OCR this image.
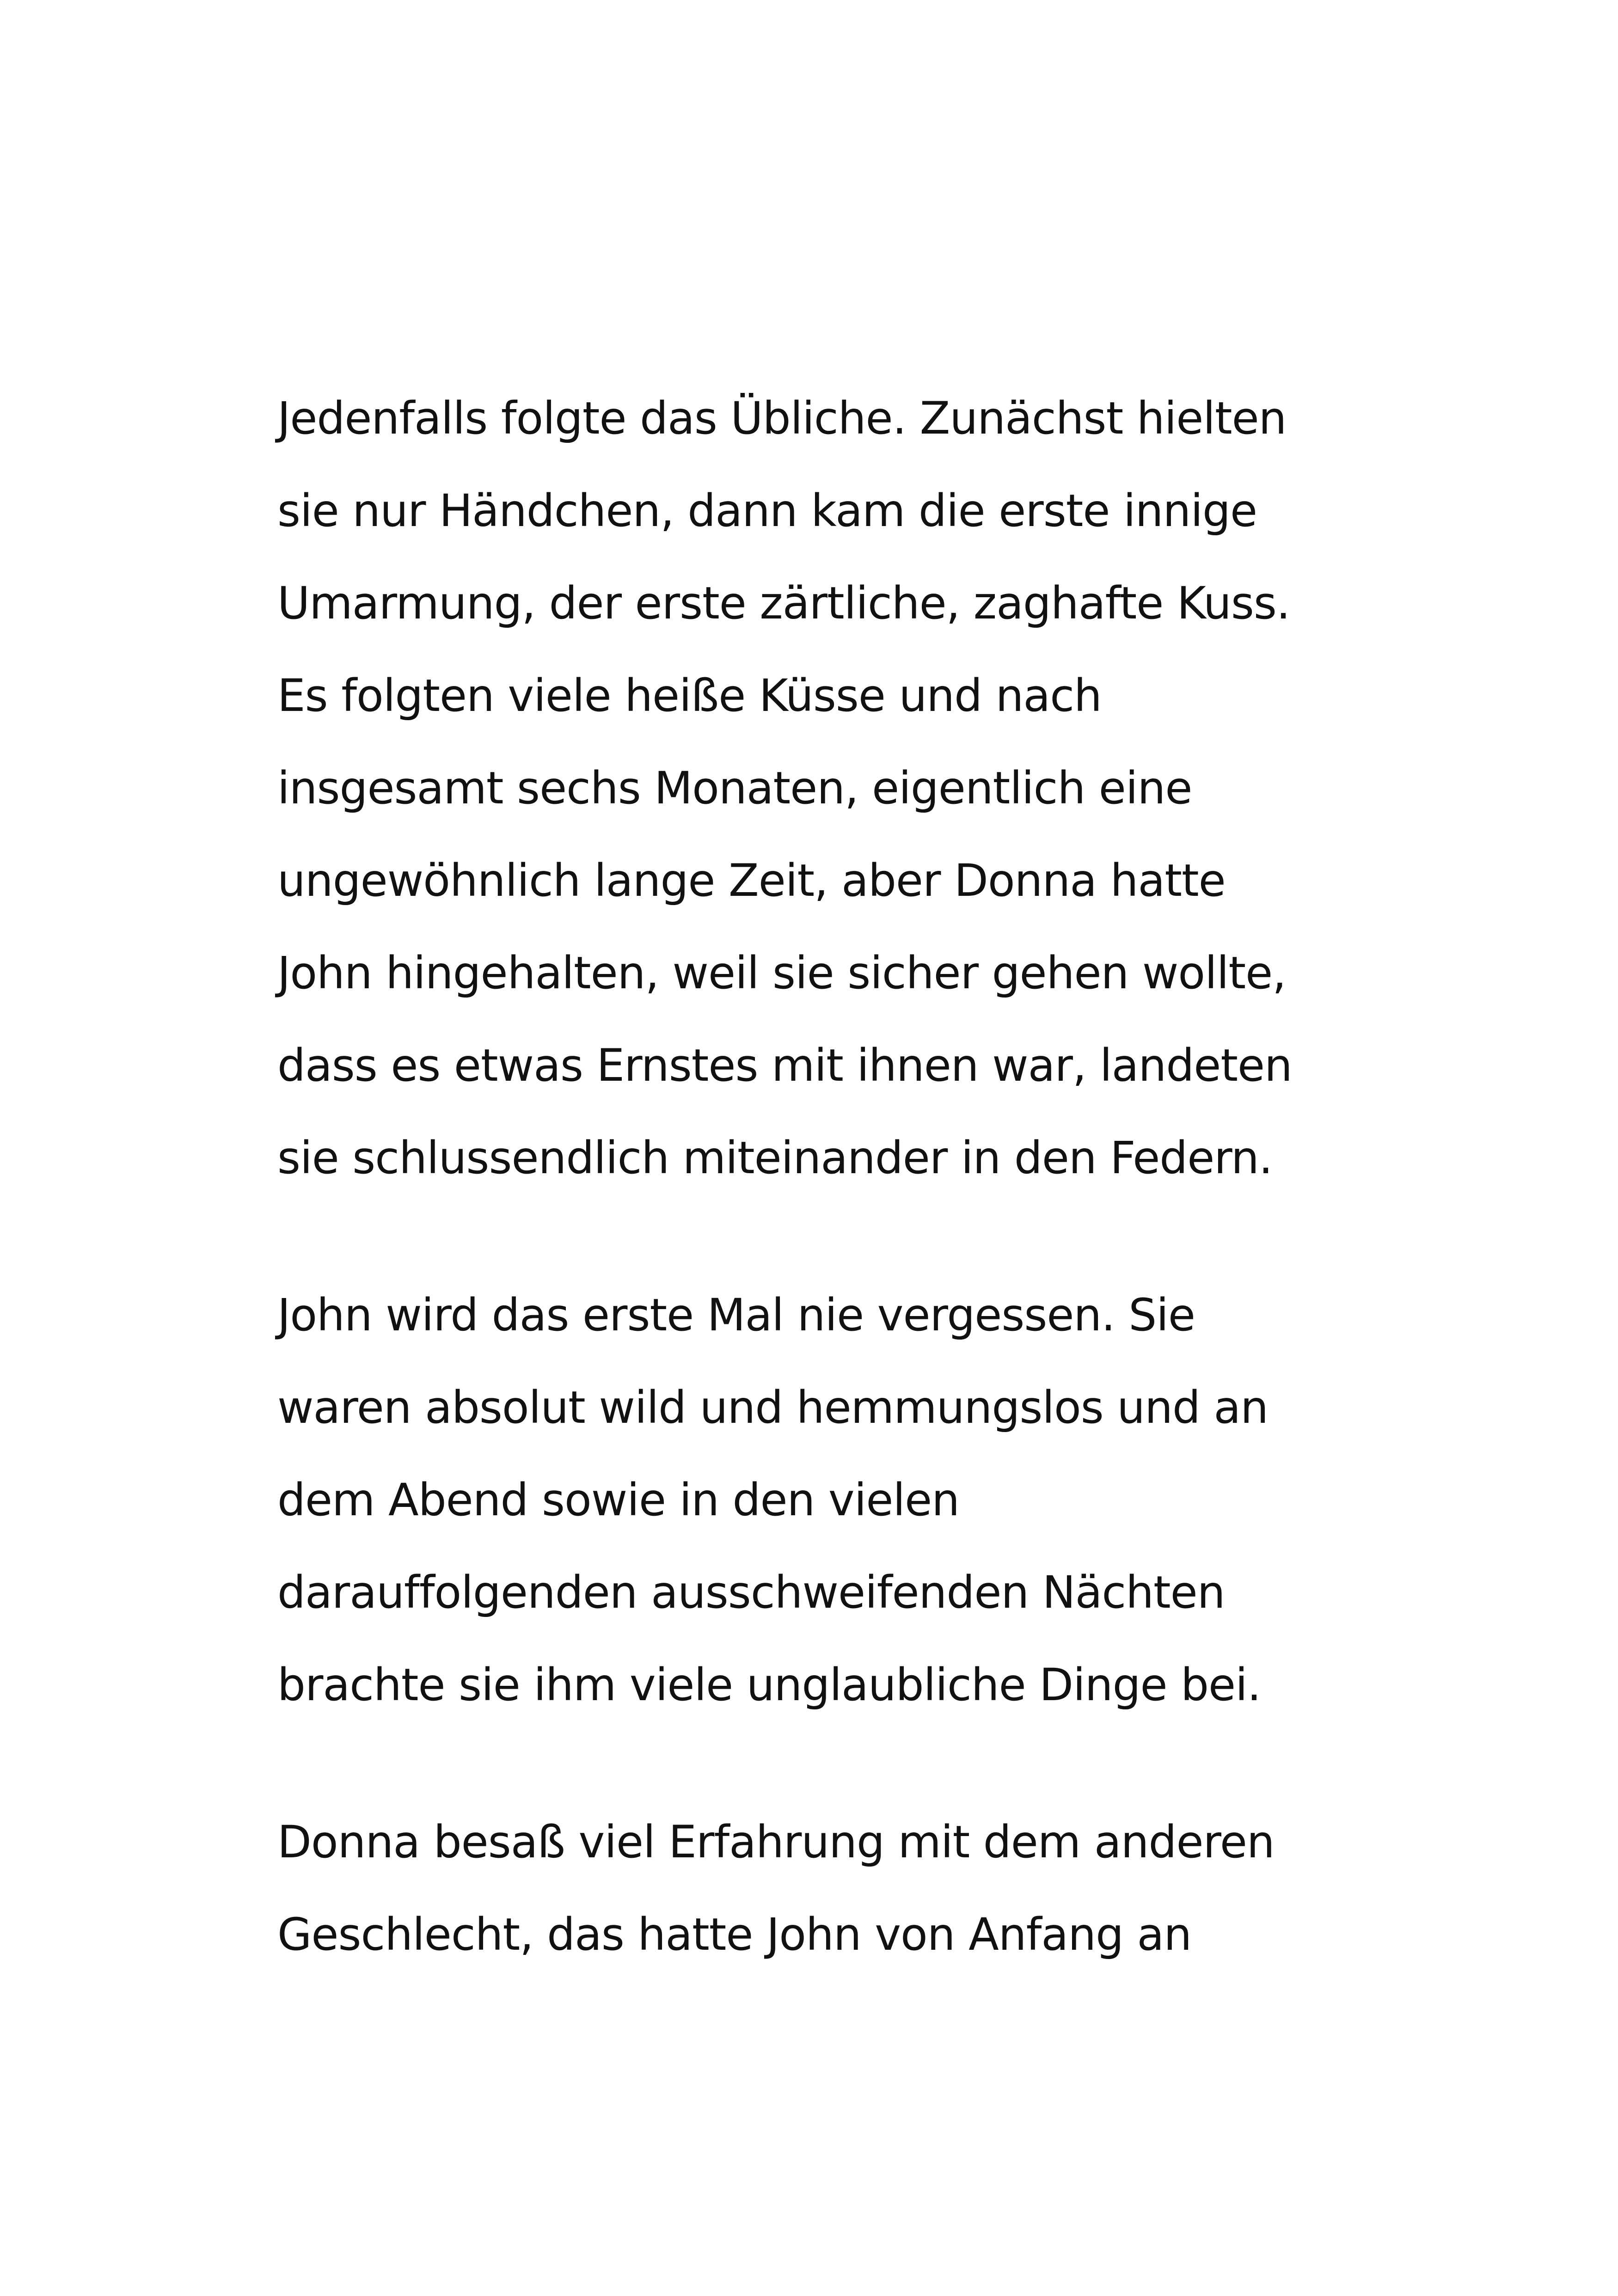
Jedenfalls folgte das Übliche. Zunächst hielten
sie nur Händchen, dann kam die erste innige
Umarmung, der erste zärtliche, zaghafte Kuss.
Es folgten viele heiße Küsse und nach
insgesamt sechs Monaten, eigentlich eine
ungewöhnlich lange Zeit, aber Donna hatte
John hingehalten, weil sie sicher gehen wollte,
dass es etwas Ernstes mit ihnen war, landeten
sie schlussendlich miteinander in den Federn.
John wird das erste Mal nie vergessen. Sie
waren absolut wild und hemmungslos und an
dem Abend sowie in den vielen
darauffolgenden ausschweifenden Nächten
brachte sie ihm viele unglaubliche Dinge bei.
Donna besaß viel Erfahrung mit dem anderen
Geschlecht, das hatte John von Anfang an
